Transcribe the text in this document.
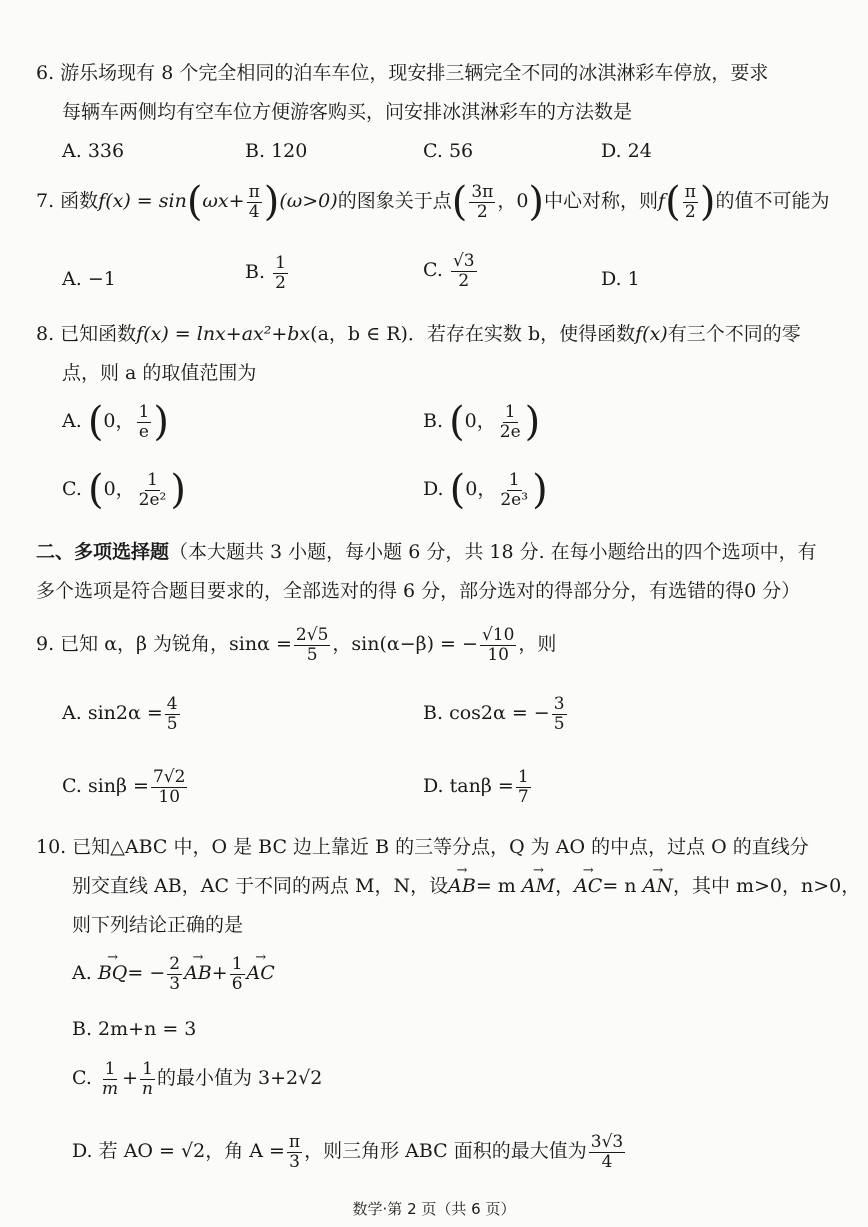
6. 游乐场现有 8 个完全相同的泊车车位，现安排三辆完全不同的冰淇淋彩车停放，要求
每辆车两侧均有空车位方便游客购买，问安排冰淇淋彩车的方法数是
A. 336	B. 120	C. 56	D. 24
7. 函数$f(x) = \sin(\omega x+ \frac{\pi}{4} )(\omega>0)$的图象关于点( $\frac{3\pi}{2}$ ，0)中心对称，则$f( \frac{\pi}{2}$ )的值不可能为
A. −1	B. $\frac{1}{2}$	C. $\frac{√3}{2}$	D. 1
8. 已知函数f(x) = lnx+ax²+bx(a，b ∈ R)．若存在实数 b，使得函数f(x)有三个不同的零
点，则 a 的取值范围为
A. (0， $\frac{1}{e}$ )	B. (0， $\frac{1}{2e}$ )
C. (0， $\frac{1}{\text{2e²}}$ )	D. (0， $\frac{1}{\text{2e³}}$ )
二、多项选择题（本大题共 3 小题，每小题 6 分，共 18 分. 在每小题给出的四个选项中，有
多个选项是符合题目要求的，全部选对的得 6 分，部分选对的得部分分，有选错的得0 分）
9. 已知 α，β 为锐角，$\sin\alpha = \frac{2√5}{5}$ ，sin(α−β) = − $\frac{√10}{10}$ ，则
A. $\sin 2\alpha = \frac{4}{5}$	B. cos2α = − $\frac{3}{5}$
C. $\sin\beta = \frac{7√2}{10}$	D. $\tan\beta = \frac{1}{7}$
10. 已知△ABC 中，O 是 BC 边上靠近 B 的三等分点，Q 为 AO 的中点，过点 O 的直线分
别交直线 AB，AC 于不同的两点 M，N，设→ AB= m → AM，→ AC= n → AN，其中 m>0，n>0，
则下列结论正确的是
A. → $BQ= - \frac{2}{3}$
→ $AB+ \frac{1}{6}$
→ AC
B. 2m+n = 3
C. $\frac{1}{m} + \frac{1}{n}$ 的最小值为 3+2√2
D. 若 AO = √2，角 $A = \frac{\pi}{3}$ ，则三角形 ABC 面积的最大值为 $\frac{3√3}{4}$
数学·第 2 页（共 6 页）
